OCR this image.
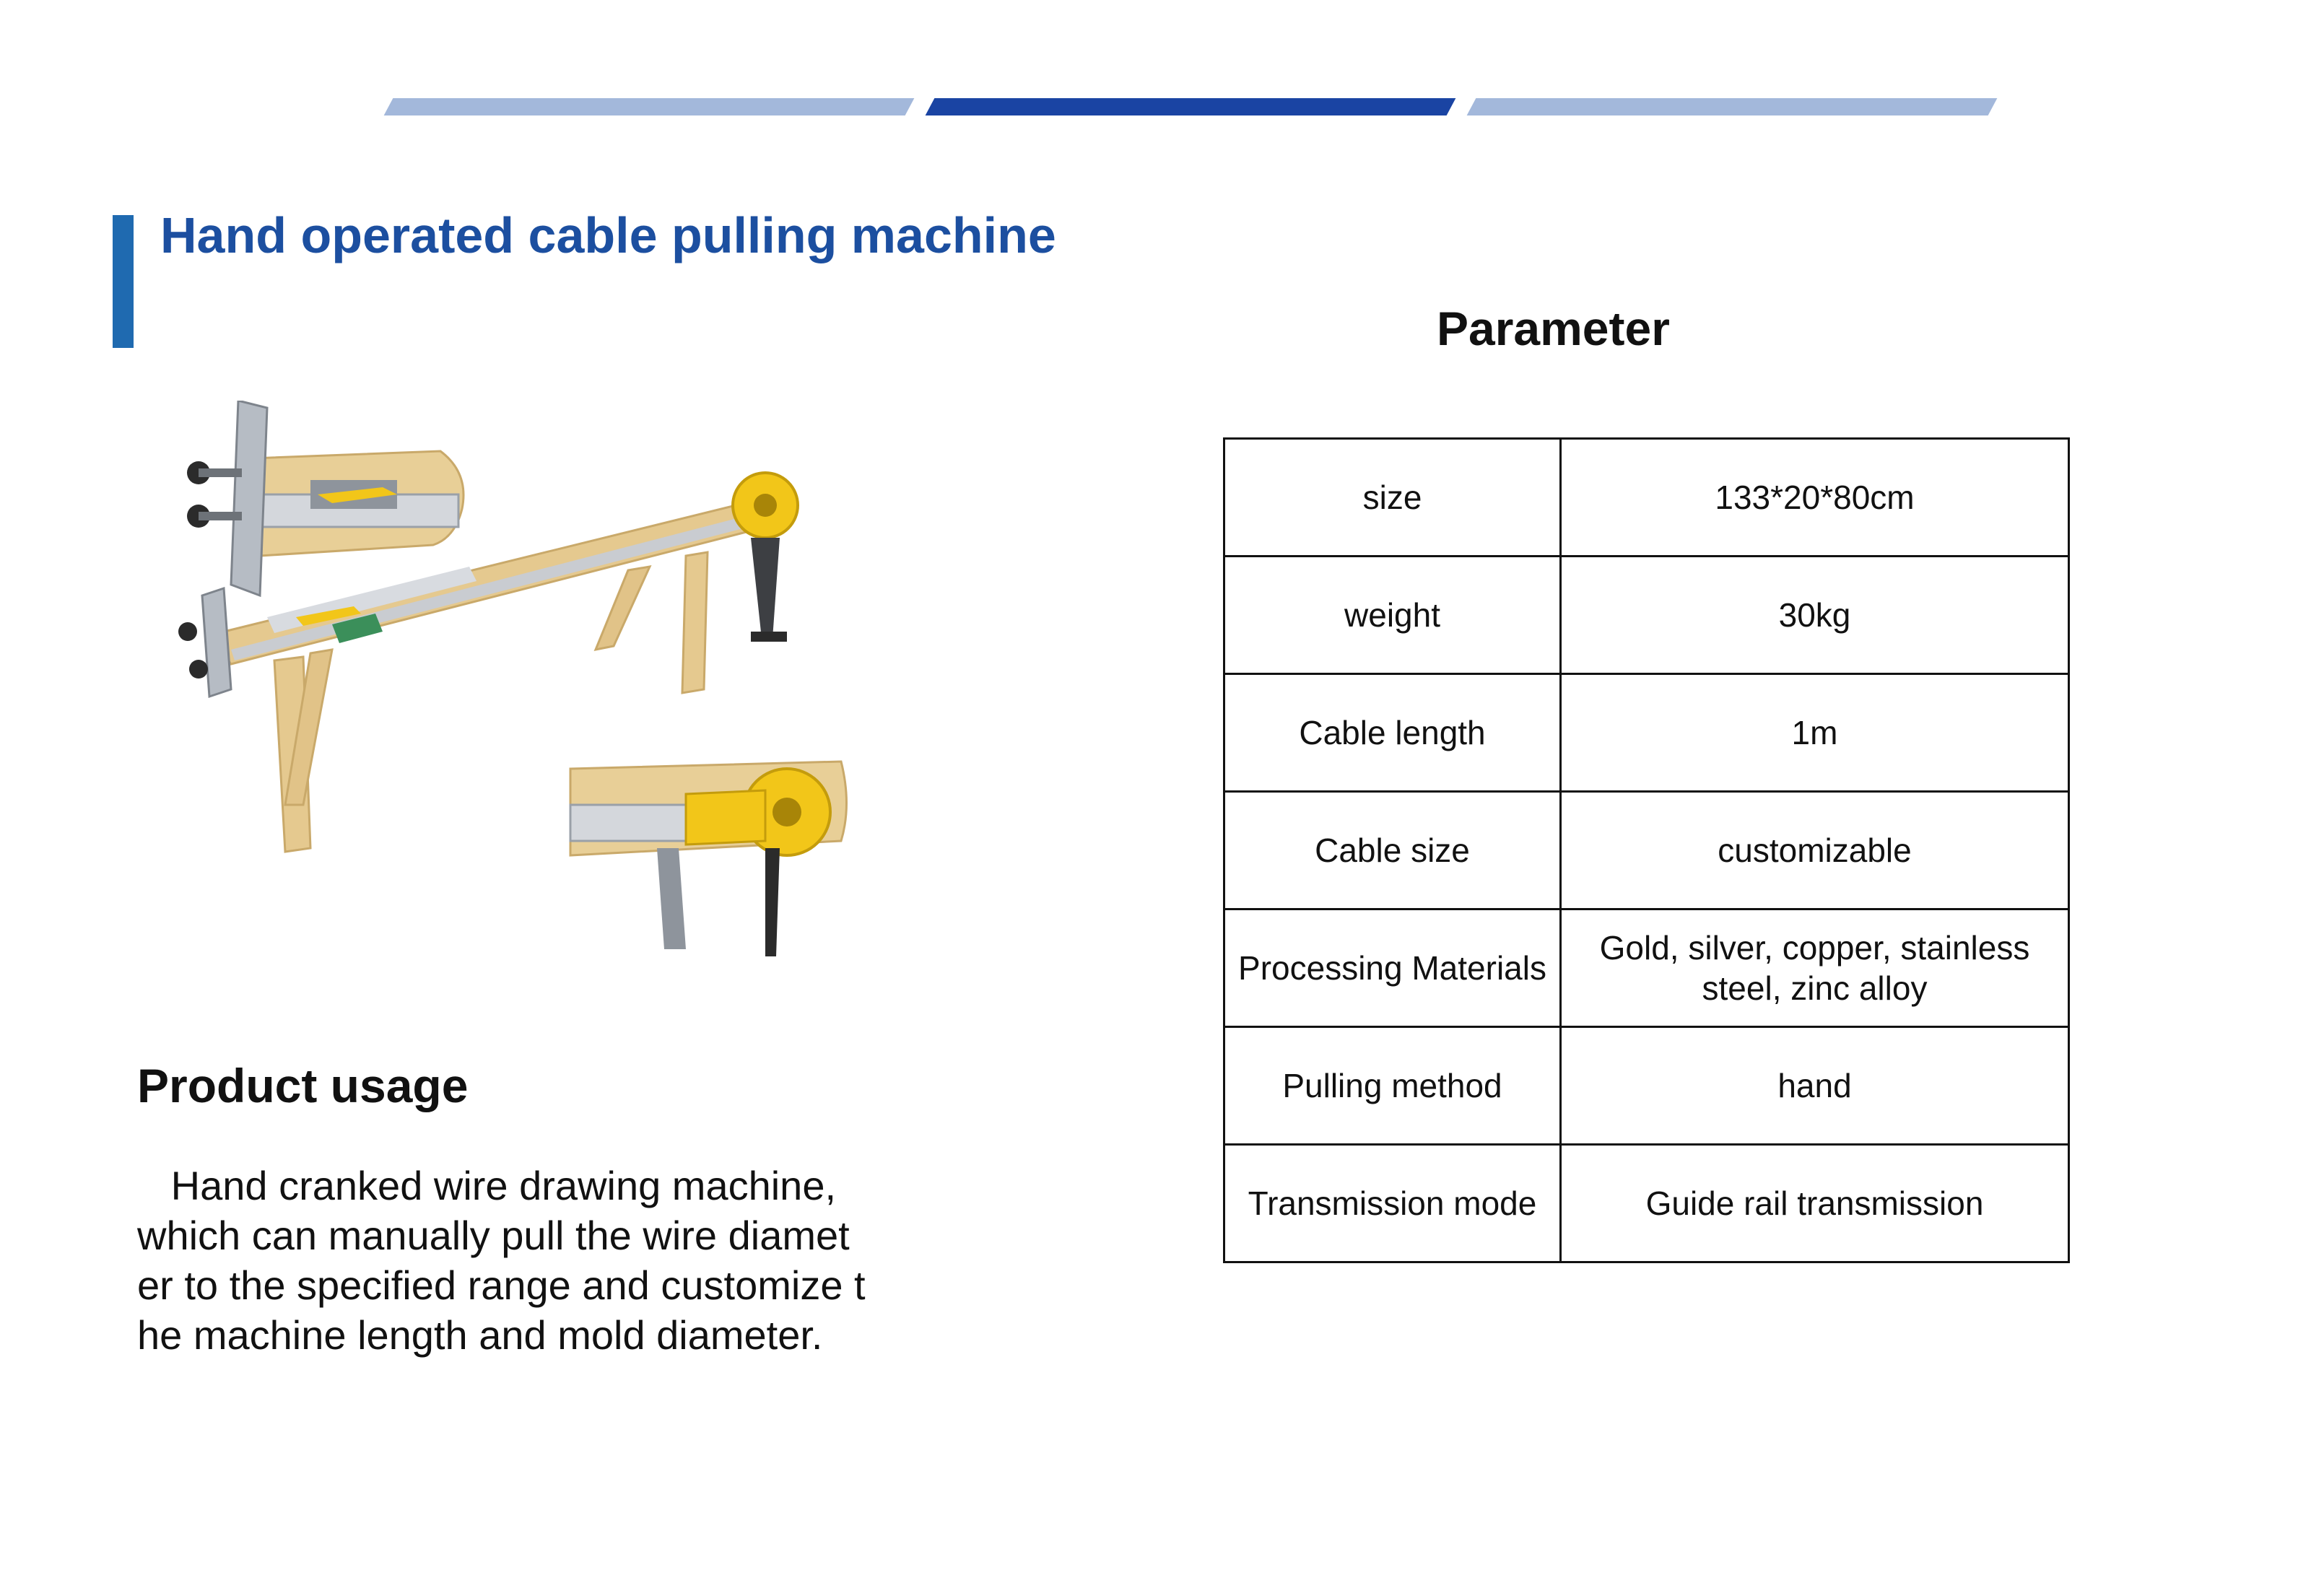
Hand operated cable pulling machine
Parameter
Product usage
Hand cranked wire drawing machine,
which can manually pull the wire diamet
er to the specified range and customize t
he machine length and mold diameter.
size	133*20*80cm
weight	30kg
Cable length	1m
Cable size	customizable
Processing Materials	Gold, silver, copper, stainless steel, zinc alloy
Pulling method	hand
Transmission mode	Guide rail transmission
